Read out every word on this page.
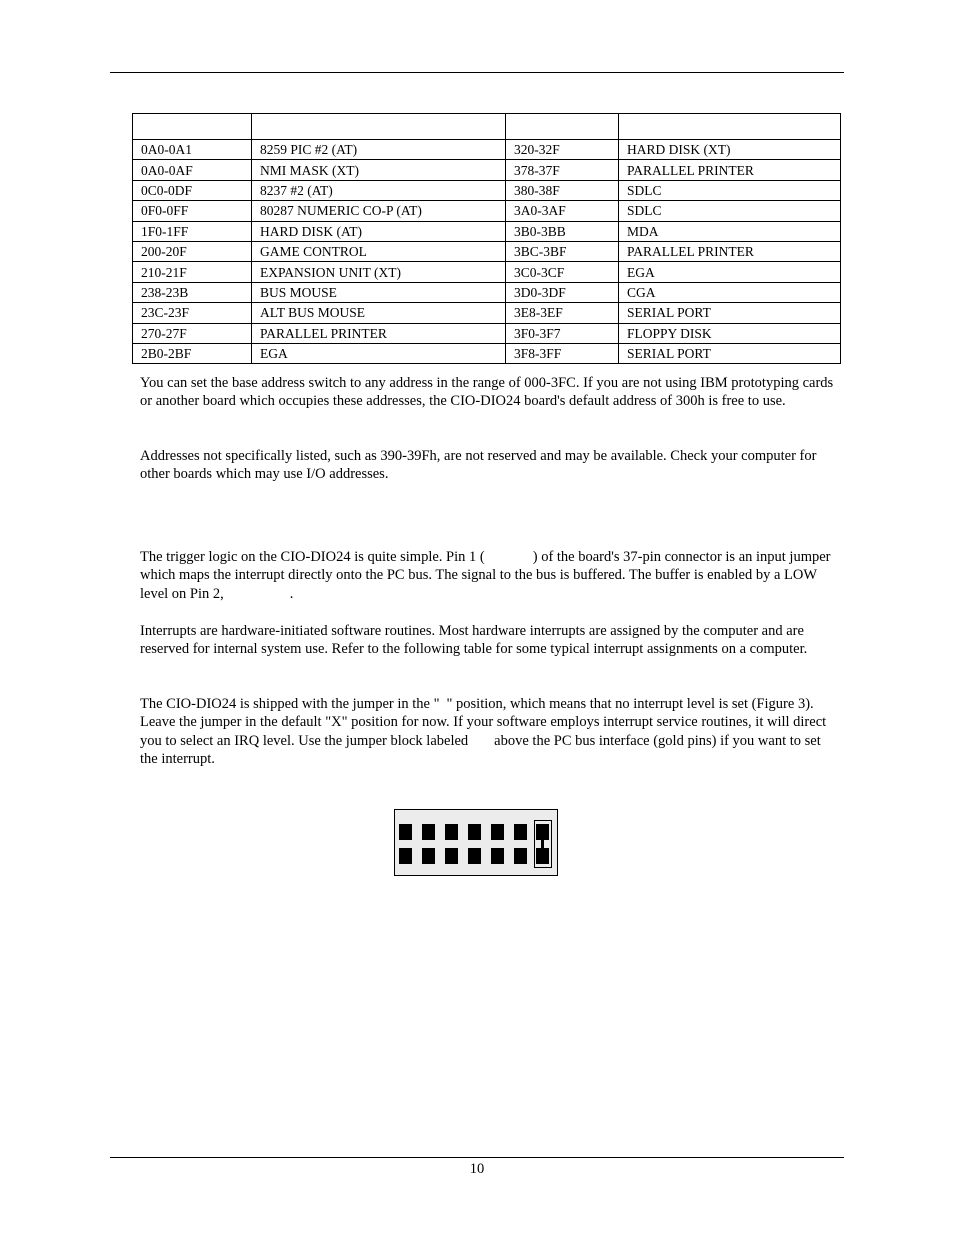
0A0-0A1	8259 PIC #2 (AT)	320-32F	HARD DISK (XT)
0A0-0AF	NMI MASK (XT)	378-37F	PARALLEL PRINTER
0C0-0DF	8237 #2 (AT)	380-38F	SDLC
0F0-0FF	80287 NUMERIC CO-P (AT)	3A0-3AF	SDLC
1F0-1FF	HARD DISK (AT)	3B0-3BB	MDA
200-20F	GAME CONTROL	3BC-3BF	PARALLEL PRINTER
210-21F	EXPANSION UNIT (XT)	3C0-3CF	EGA
238-23B	BUS MOUSE	3D0-3DF	CGA
23C-23F	ALT BUS MOUSE	3E8-3EF	SERIAL PORT
270-27F	PARALLEL PRINTER	3F0-3F7	FLOPPY DISK
2B0-2BF	EGA	3F8-3FF	SERIAL PORT

You can set the base address switch to any address in the range of 000-3FC. If you are not using IBM prototyping cards or another board which occupies these addresses, the CIO-DIO24 board's default address of 300h is free to use.

Addresses not specifically listed, such as 390-39Fh, are not reserved and may be available. Check your computer for other boards which may use I/O addresses.

The trigger logic on the CIO-DIO24 is quite simple. Pin 1 (	) of the board's 37-pin connector is an input jumper which maps the interrupt directly onto the PC bus. The signal to the bus is buffered. The buffer is enabled by a LOW level on Pin 2,	.

Interrupts are hardware-initiated software routines. Most hardware interrupts are assigned by the computer and are reserved for internal system use. Refer to the following table for some typical interrupt assignments on a computer.

The CIO-DIO24 is shipped with the jumper in the " " position, which means that no interrupt level is set (Figure 3). Leave the jumper in the default "X" position for now. If your software employs interrupt service routines, it will direct you to select an IRQ level. Use the jumper block labeled above the PC bus interface (gold pins) if you want to set the interrupt.

10
